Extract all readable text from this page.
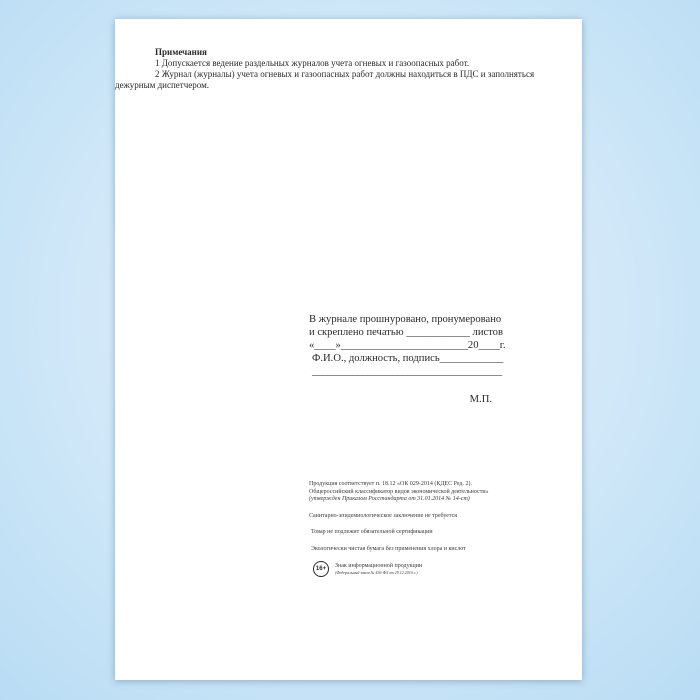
Примечания
1 Допускается ведение раздельных журналов учета огневых и газоопасных работ.
2 Журнал (журналы) учета огневых и газоопасных работ должны находиться в ПДС и заполняться
дежурным диспетчером.
В журнале прошнуровано, пронумеровано
и скреплено печатью ____________ листов
«____»________________________20____г.
Ф.И.О., должность, подпись____________
______________________________________
М.П.

Продукция соответствует п. 18.12 «ОК 029-2014 (КДЕС Ред. 2).

Общероссийский классификатор видов экономической деятельности»

(утвержден Приказом Росстандарта от 31.01.2014 № 14-ст)

Санитарно-эпидемиологическое заключение не требуется

Товар не подлежит обязательной сертификации

Экологически чистая бумага без применения хлора и кислот

16+	Знак информационной продукции
(Федеральный закон № 436-ФЗ от 29.12.2010 г.)
